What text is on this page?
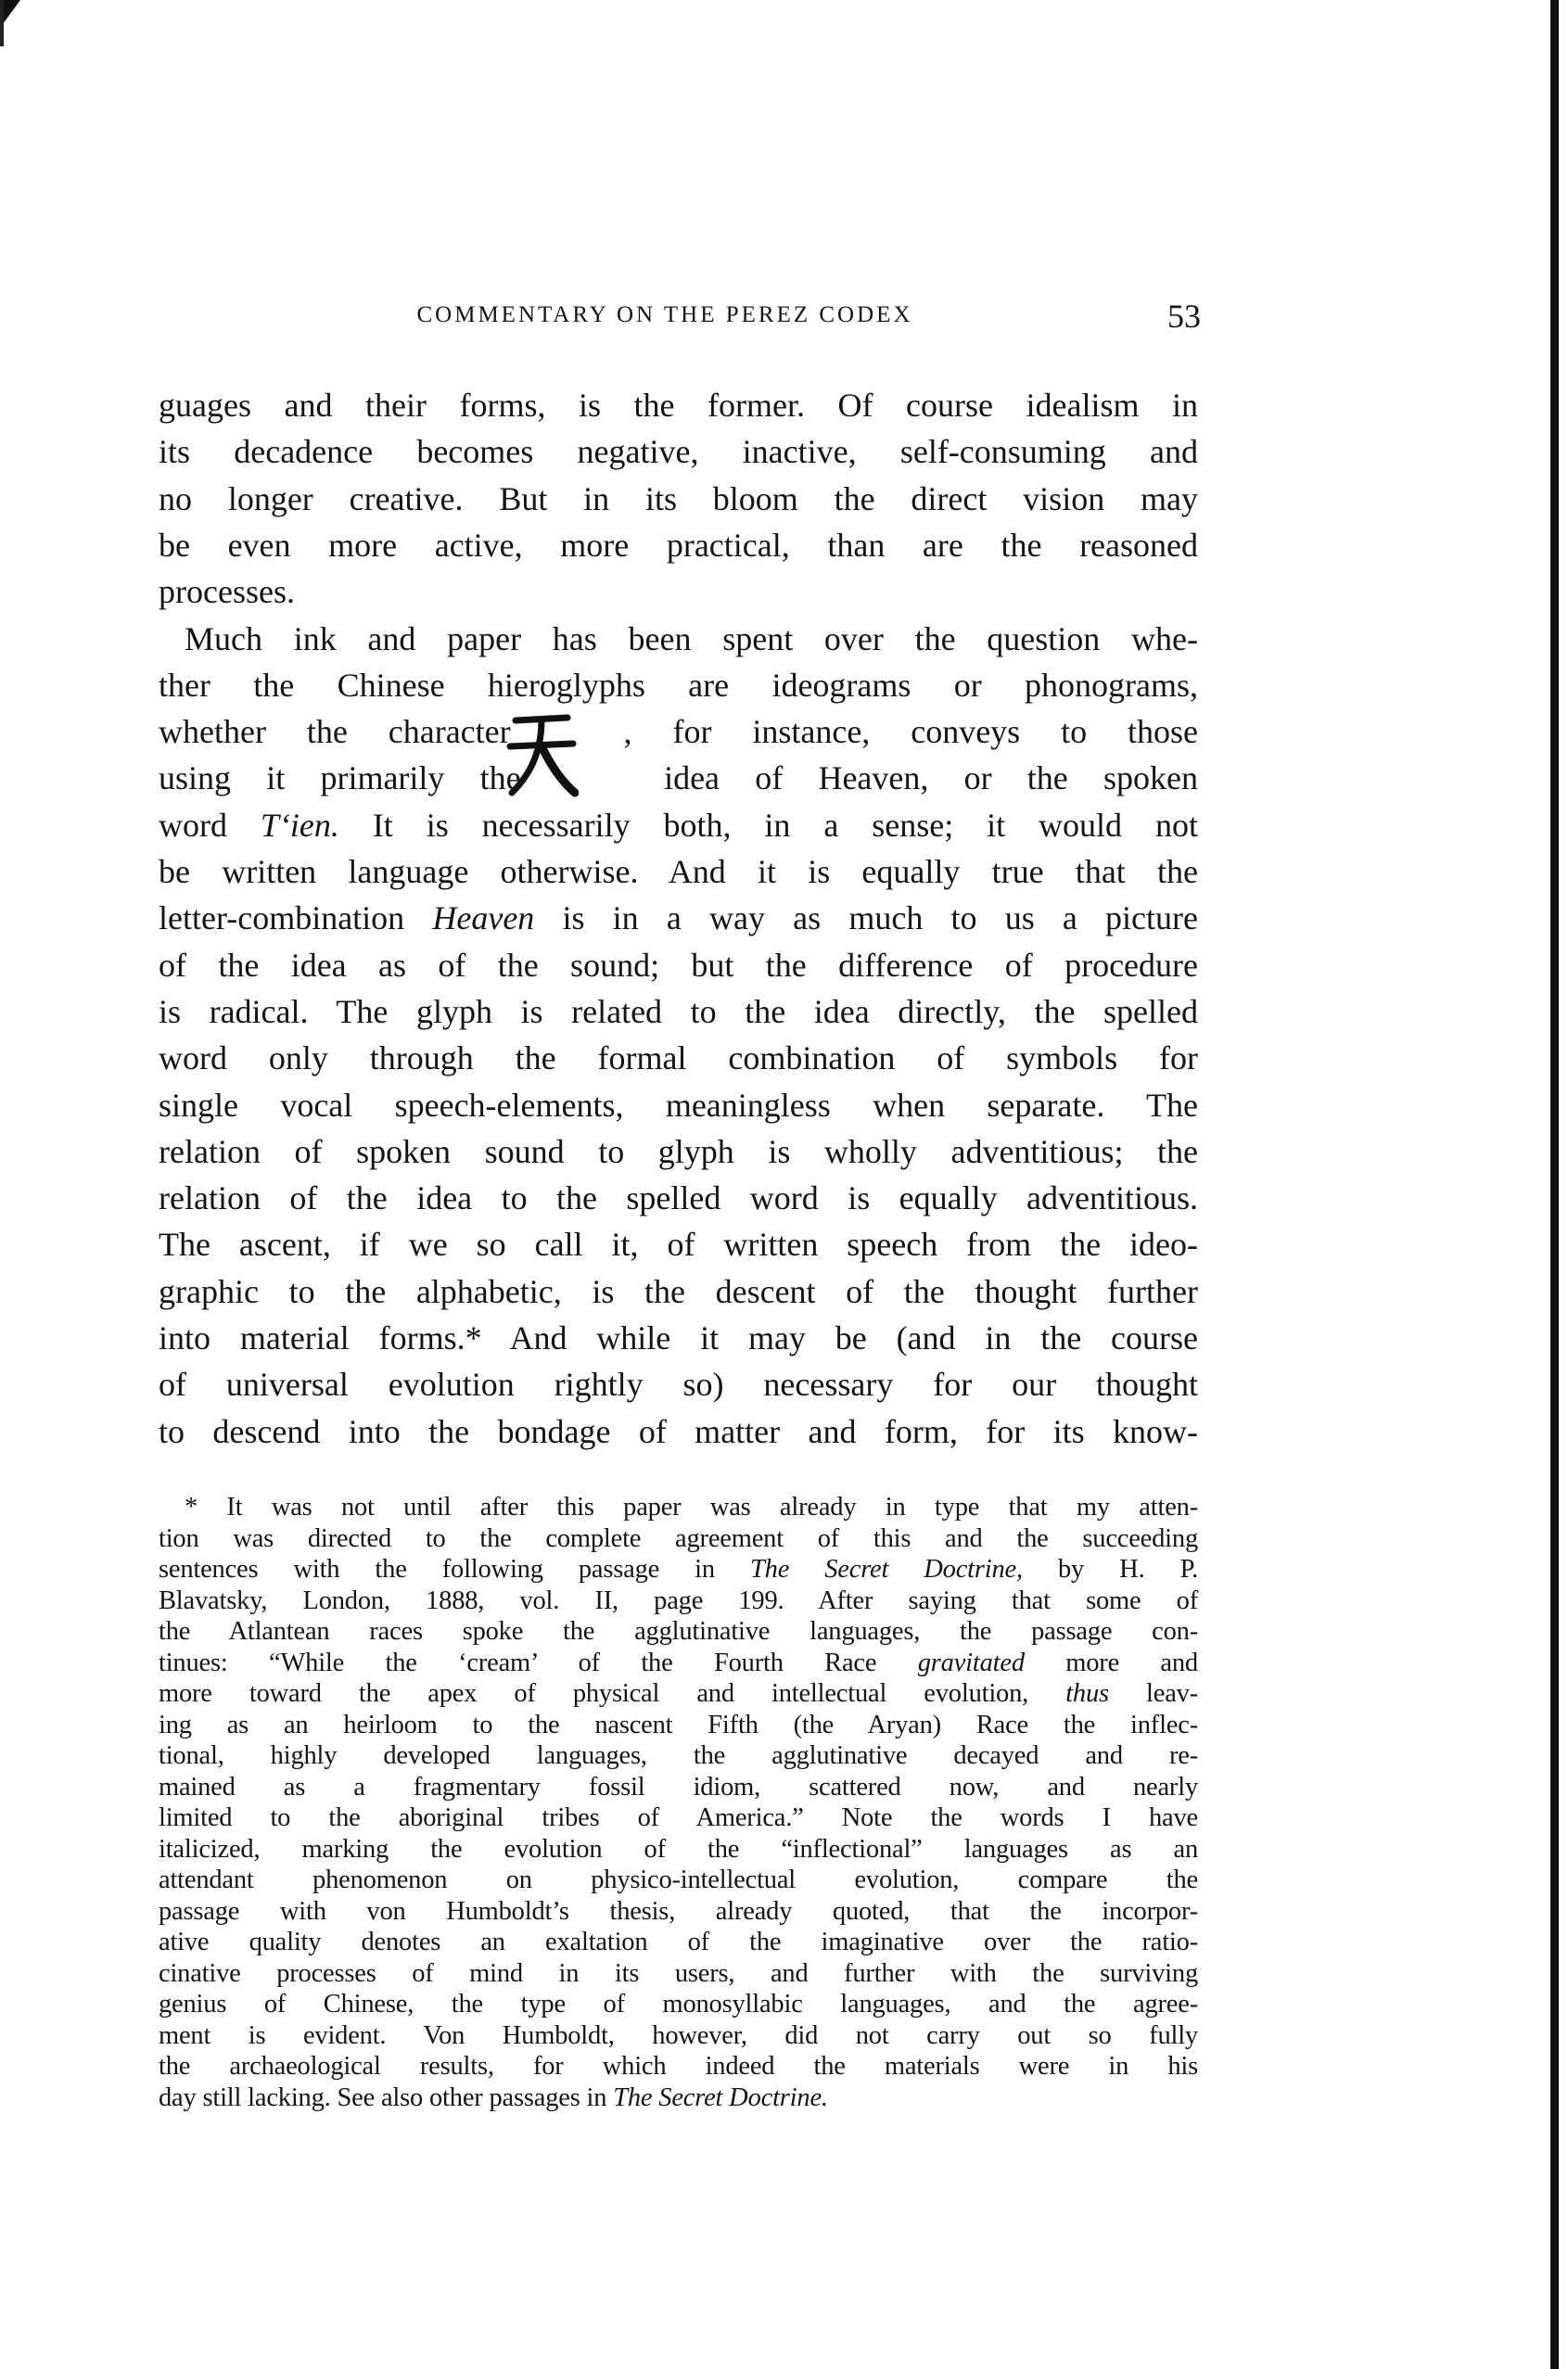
COMMENTARY ON THE PEREZ CODEX	53
guages and their forms, is the former. Of course idealism in
its decadence becomes negative, inactive, self-consuming and
no longer creative. But in its bloom the direct vision may
be even more active, more practical, than are the reasoned
processes.
Much ink and paper has been spent over the question whe-
ther the Chinese hieroglyphs are ideograms or phonograms,
whether the character , for instance, conveys to those
using it primarily the  idea of Heaven, or the spoken
word T‘ien. It is necessarily both, in a sense; it would not
be written language otherwise. And it is equally true that the
letter-combination Heaven is in a way as much to us a picture
of the idea as of the sound; but the difference of procedure
is radical. The glyph is related to the idea directly, the spelled
word only through the formal combination of symbols for
single vocal speech-elements, meaningless when separate. The
relation of spoken sound to glyph is wholly adventitious; the
relation of the idea to the spelled word is equally adventitious.
The ascent, if we so call it, of written speech from the ideo-
graphic to the alphabetic, is the descent of the thought further
into material forms.* And while it may be (and in the course
of universal evolution rightly so) necessary for our thought
to descend into the bondage of matter and form, for its know-
* It was not until after this paper was already in type that my atten-
tion was directed to the complete agreement of this and the succeeding
sentences with the following passage in The Secret Doctrine, by H. P.
Blavatsky, London, 1888, vol. II, page 199. After saying that some of
the Atlantean races spoke the agglutinative languages, the passage con-
tinues: “While the ‘cream’ of the Fourth Race gravitated more and
more toward the apex of physical and intellectual evolution, thus leav-
ing as an heirloom to the nascent Fifth (the Aryan) Race the inflec-
tional, highly developed languages, the agglutinative decayed and re-
mained as a fragmentary fossil idiom, scattered now, and nearly
limited to the aboriginal tribes of America.” Note the words I have
italicized, marking the evolution of the “inflectional” languages as an
attendant phenomenon on physico-intellectual evolution, compare the
passage with von Humboldt’s thesis, already quoted, that the incorpor-
ative quality denotes an exaltation of the imaginative over the ratio-
cinative processes of mind in its users, and further with the surviving
genius of Chinese, the type of monosyllabic languages, and the agree-
ment is evident. Von Humboldt, however, did not carry out so fully
the archaeological results, for which indeed the materials were in his
day still lacking. See also other passages in The Secret Doctrine.
